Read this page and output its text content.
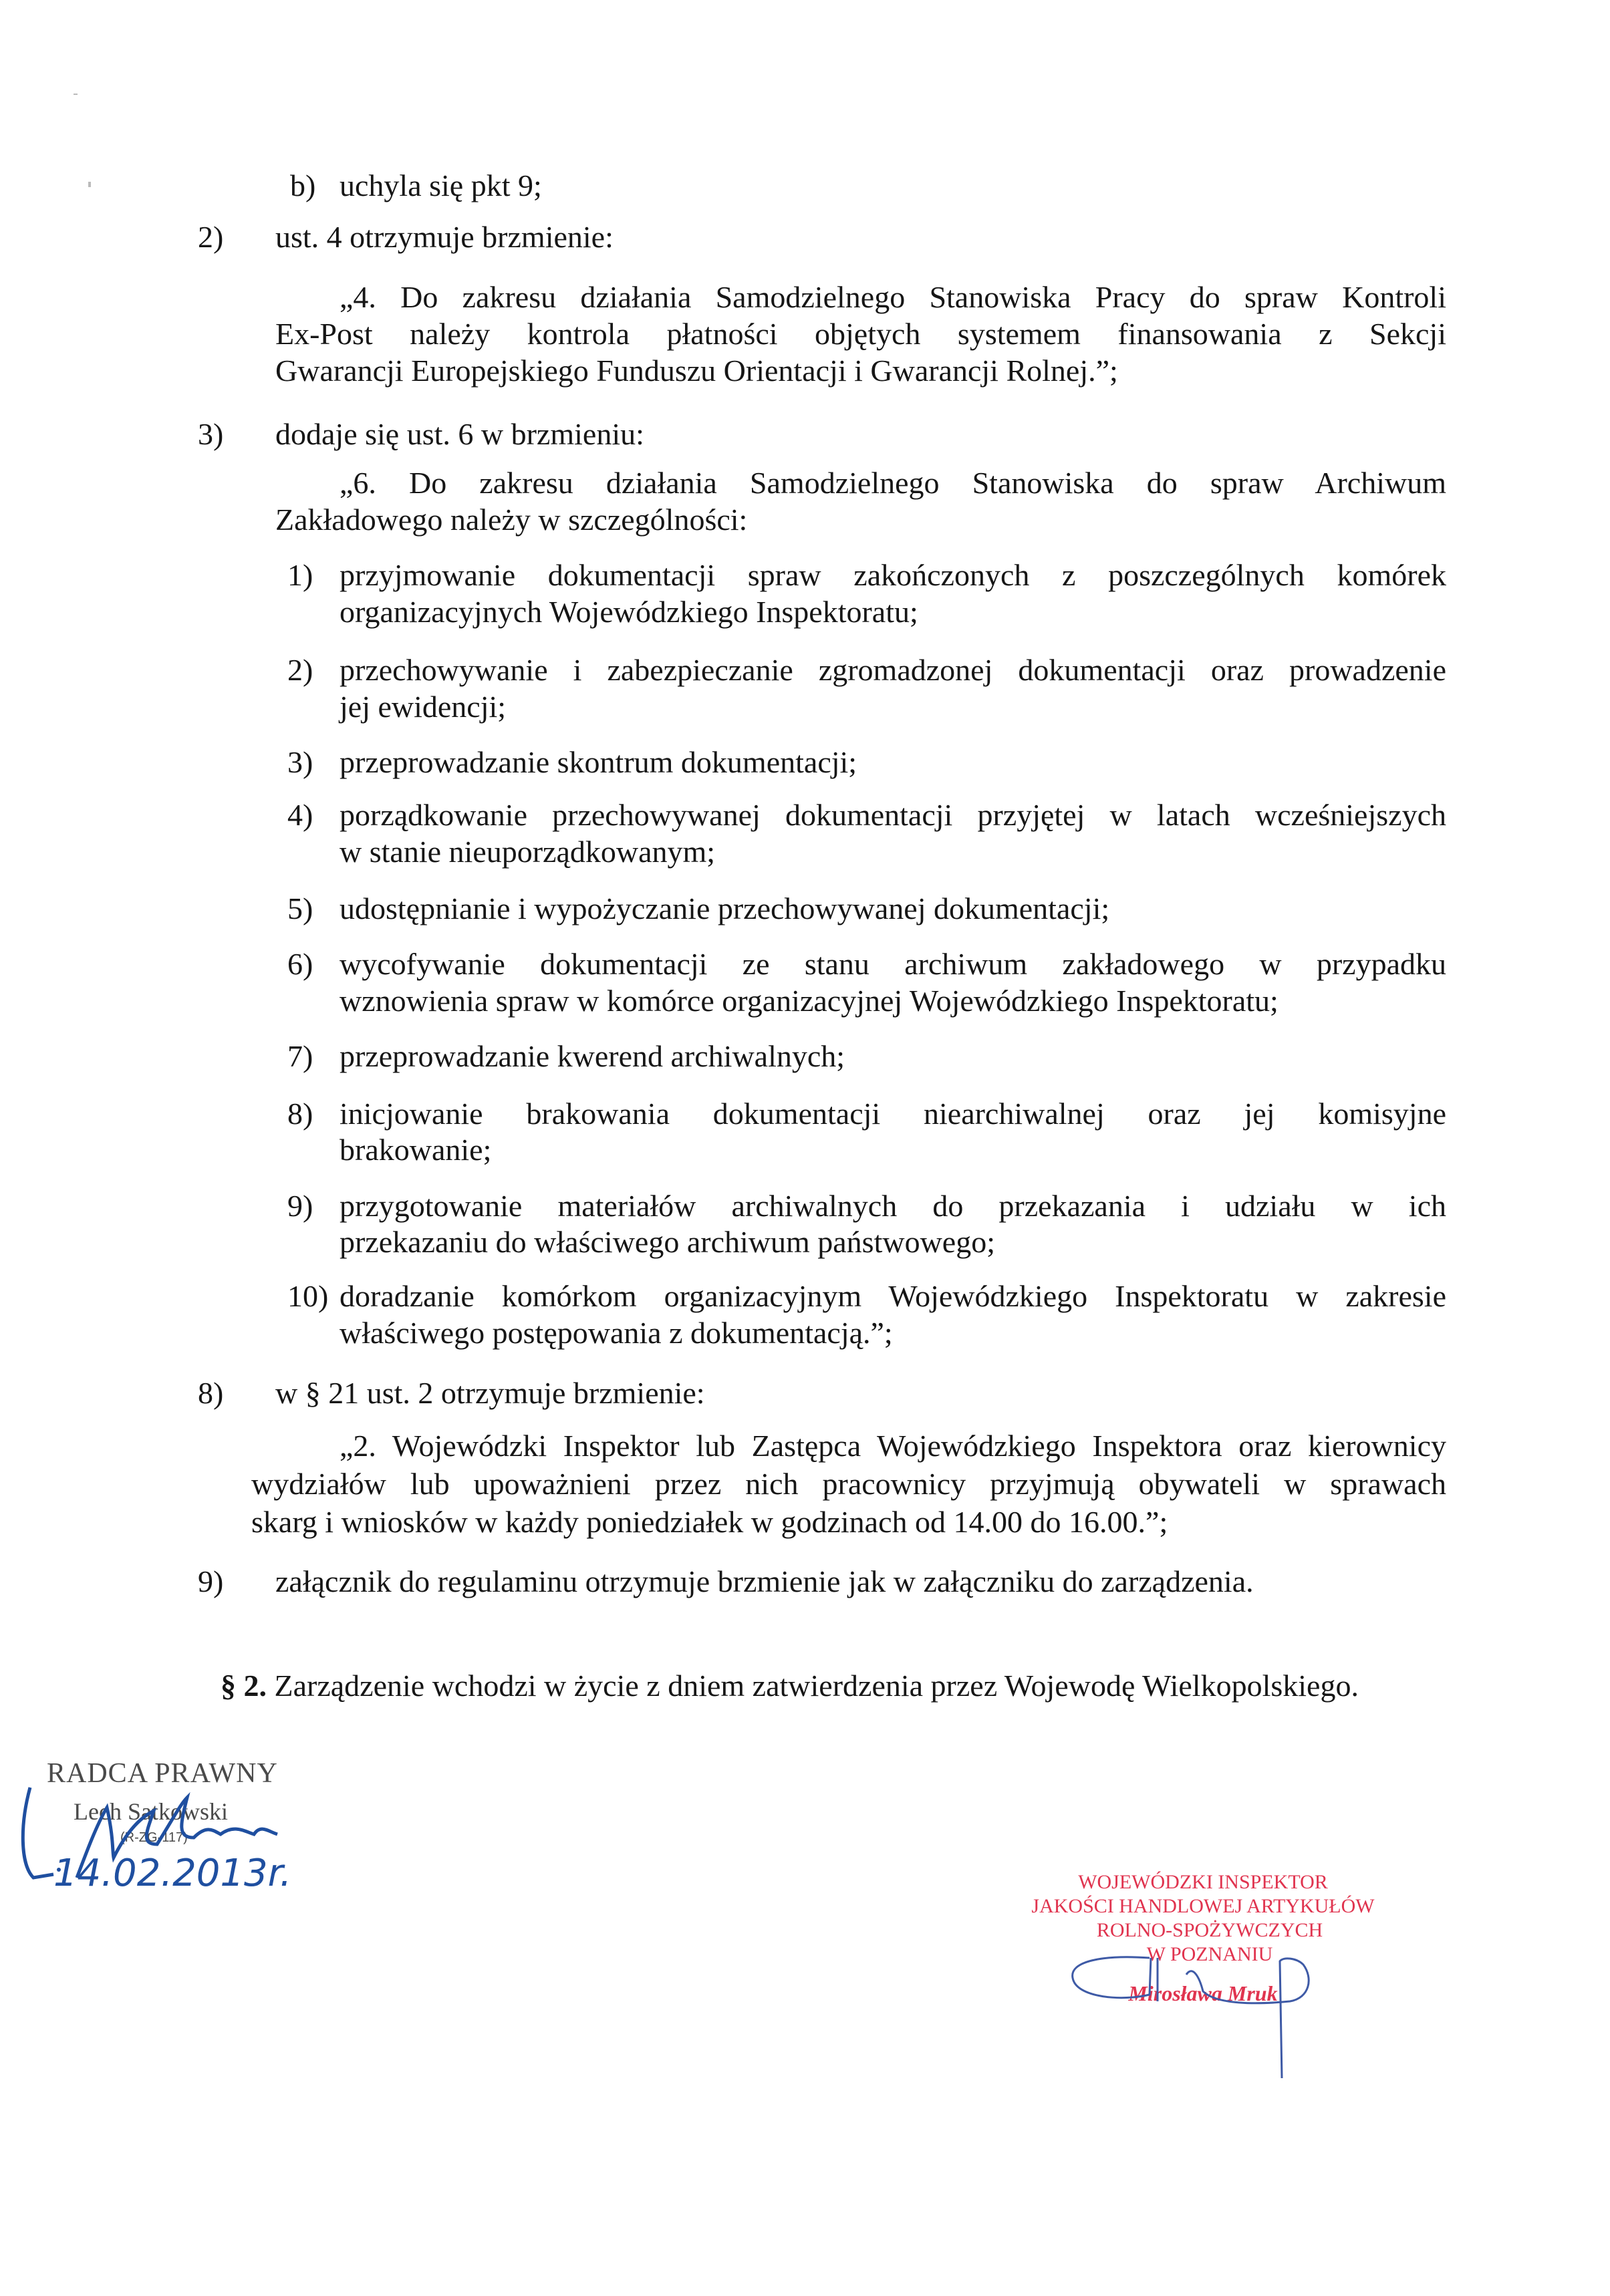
b) uchyla się pkt 9;
2) ust. 4 otrzymuje brzmienie:
„4. Do zakresu działania Samodzielnego Stanowiska Pracy do spraw Kontroli
Ex-Post należy kontrola płatności objętych systemem finansowania z Sekcji
Gwarancji Europejskiego Funduszu Orientacji i Gwarancji Rolnej.”;
3) dodaje się ust. 6 w brzmieniu:
„6. Do zakresu działania Samodzielnego Stanowiska do spraw Archiwum
Zakładowego należy w szczególności:
1) przyjmowanie dokumentacji spraw zakończonych z poszczególnych komórek
organizacyjnych Wojewódzkiego Inspektoratu;
2) przechowywanie i zabezpieczanie zgromadzonej dokumentacji oraz prowadzenie
jej ewidencji;
3) przeprowadzanie skontrum dokumentacji;
4) porządkowanie przechowywanej dokumentacji przyjętej w latach wcześniejszych
w stanie nieuporządkowanym;
5) udostępnianie i wypożyczanie przechowywanej dokumentacji;
6) wycofywanie dokumentacji ze stanu archiwum zakładowego w przypadku
wznowienia spraw w komórce organizacyjnej Wojewódzkiego Inspektoratu;
7) przeprowadzanie kwerend archiwalnych;
8) inicjowanie brakowania dokumentacji niearchiwalnej oraz jej komisyjne
brakowanie;
9) przygotowanie materiałów archiwalnych do przekazania i udziału w ich
przekazaniu do właściwego archiwum państwowego;
10) doradzanie komórkom organizacyjnym Wojewódzkiego Inspektoratu w zakresie
właściwego postępowania z dokumentacją.”;
8) w § 21 ust. 2 otrzymuje brzmienie:
„2. Wojewódzki Inspektor lub Zastępca Wojewódzkiego Inspektora oraz kierownicy
wydziałów lub upoważnieni przez nich pracownicy przyjmują obywateli w sprawach
skarg i wniosków w każdy poniedziałek w godzinach od 14.00 do 16.00.”;
9) załącznik do regulaminu otrzymuje brzmienie jak w załączniku do zarządzenia.
§ 2. Zarządzenie wchodzi w życie z dniem zatwierdzenia przez Wojewodę Wielkopolskiego.
RADCA PRAWNY
Lech Satkowski
(R-ZG-117)
14.02.2013r.	WOJEWÓDZKI INSPEKTOR
JAKOŚCI HANDLOWEJ ARTYKUŁÓW
ROLNO-SPOŻYWCZYCH
W POZNANIU
Mirosława Mruk
